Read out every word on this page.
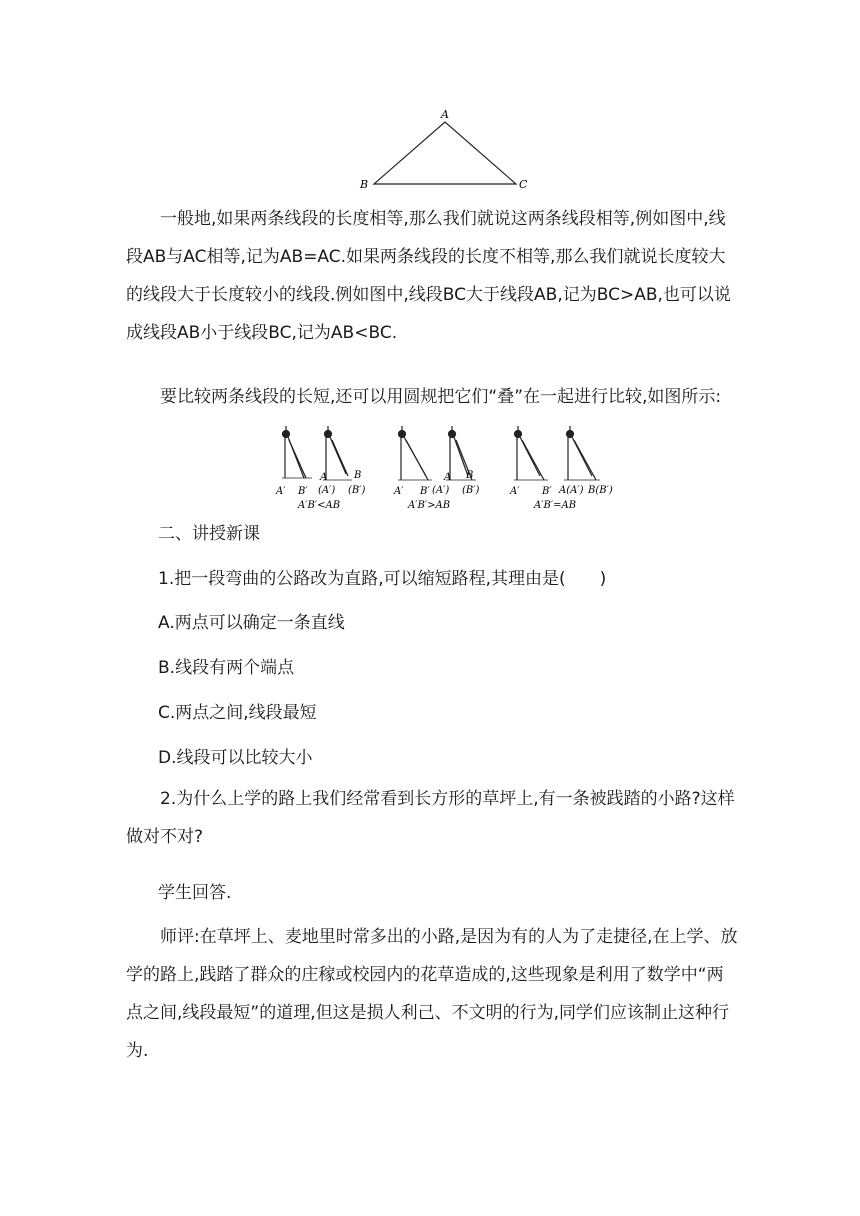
A
B	C

一般地,如果两条线段的长度相等,那么我们就说这两条线段相等,例如图中,线段AB与AC相等,记为AB=AC.如果两条线段的长度不相等,那么我们就说长度较大的线段大于长度较小的线段.例如图中,线段BC大于线段AB,记为BC>AB,也可以说成线段AB小于线段BC,记为AB<BC.

要比较两条线段的长短,还可以用圆规把它们“叠”在一起进行比较,如图所示:

A′ B′
A
(A′)
B
(B′)
A′B′<AB
A′ B′
A
(A′)
B
(B′)
A′B′>AB
A′ B′ A(A′) B(B′)
A′B′=AB
二、讲授新课
1.把一段弯曲的公路改为直路,可以缩短路程,其理由是(　　)
A.两点可以确定一条直线
B.线段有两个端点
C.两点之间,线段最短
D.线段可以比较大小

2.为什么上学的路上我们经常看到长方形的草坪上,有一条被践踏的小路?这样做对不对?

学生回答.

师评:在草坪上、麦地里时常多出的小路,是因为有的人为了走捷径,在上学、放学的路上,践踏了群众的庄稼或校园内的花草造成的,这些现象是利用了数学中“两点之间,线段最短”的道理,但这是损人利己、不文明的行为,同学们应该制止这种行为.
